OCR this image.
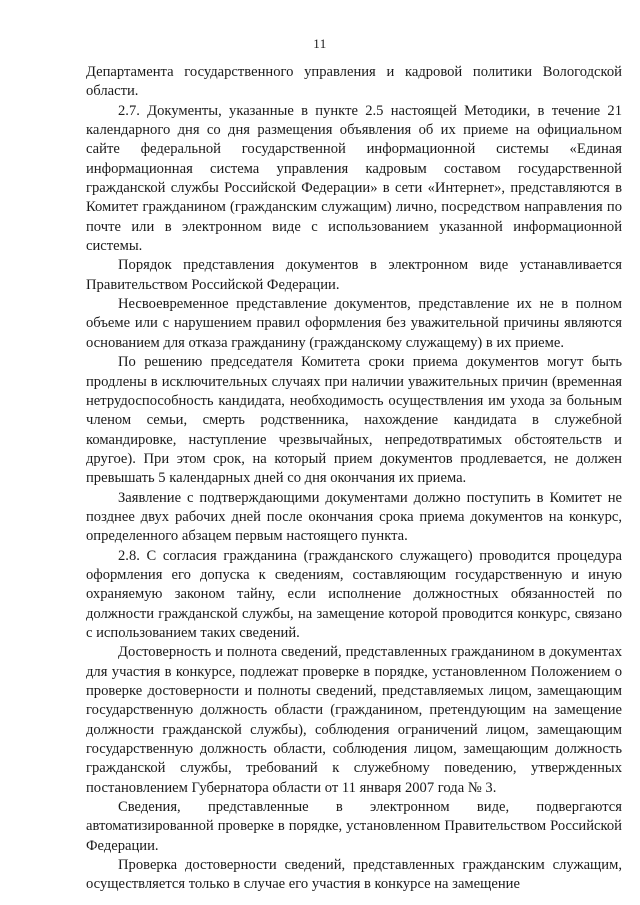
11

Департамента государственного управления и кадровой политики Вологодской области.

2.7. Документы, указанные в пункте 2.5 настоящей Методики, в течение 21 календарного дня со дня размещения объявления об их приеме на официальном сайте федеральной государственной информационной системы «Единая информационная система управления кадровым составом государственной гражданской службы Российской Федерации» в сети «Интернет», представляются в Комитет гражданином (гражданским служащим) лично, посредством направления по почте или в электронном виде с использованием указанной информационной системы.

Порядок представления документов в электронном виде устанавливается Правительством Российской Федерации.

Несвоевременное представление документов, представление их не в полном объеме или с нарушением правил оформления без уважительной причины являются основанием для отказа гражданину (гражданскому служащему) в их приеме.

По решению председателя Комитета сроки приема документов могут быть продлены в исключительных случаях при наличии уважительных причин (временная нетрудоспособность кандидата, необходимость осуществления им ухода за больным членом семьи, смерть родственника, нахождение кандидата в служебной командировке, наступление чрезвычайных, непредотвратимых обстоятельств и другое). При этом срок, на который прием документов продлевается, не должен превышать 5 календарных дней со дня окончания их приема.

Заявление с подтверждающими документами должно поступить в Комитет не позднее двух рабочих дней после окончания срока приема документов на конкурс, определенного абзацем первым настоящего пункта.

2.8. С согласия гражданина (гражданского служащего) проводится процедура оформления его допуска к сведениям, составляющим государственную и иную охраняемую законом тайну, если исполнение должностных обязанностей по должности гражданской службы, на замещение которой проводится конкурс, связано с использованием таких сведений.

Достоверность и полнота сведений, представленных гражданином в документах для участия в конкурсе, подлежат проверке в порядке, установленном Положением о проверке достоверности и полноты сведений, представляемых лицом, замещающим государственную должность области (гражданином, претендующим на замещение должности гражданской службы), соблюдения ограничений лицом, замещающим государственную должность области, соблюдения лицом, замещающим должность гражданской службы, требований к служебному поведению, утвержденных постановлением Губернатора области от 11 января 2007 года № 3.

Сведения, представленные в электронном виде, подвергаются автоматизированной проверке в порядке, установленном Правительством Российской Федерации.

Проверка достоверности сведений, представленных гражданским служащим, осуществляется только в случае его участия в конкурсе на замещение
